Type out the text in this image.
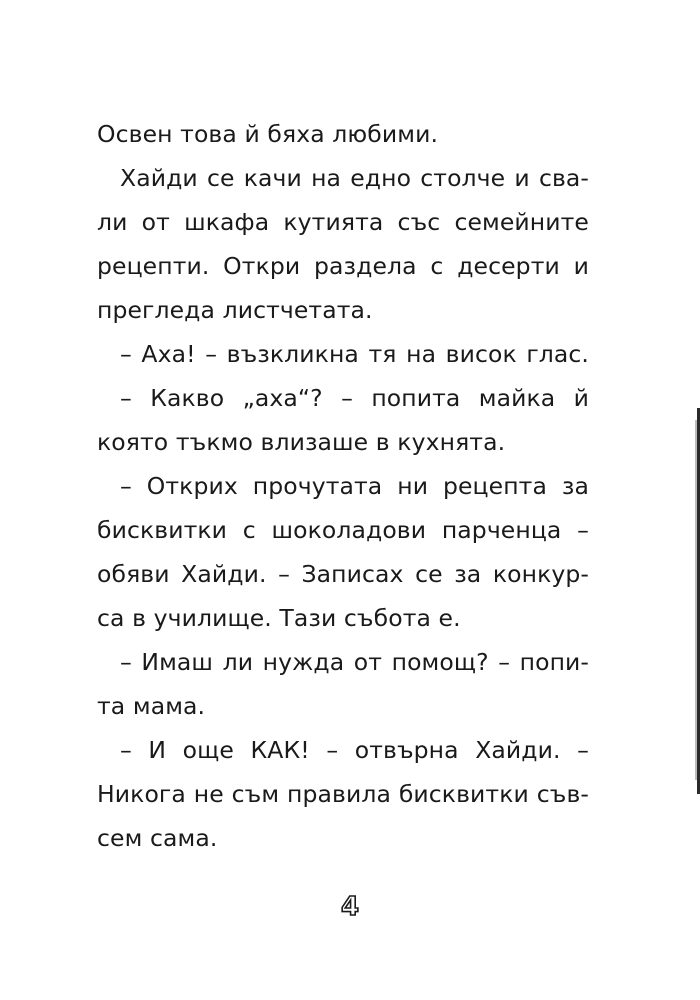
Освен това й бяха любими.
Хайди се качи на едно столче и сва-
ли от шкафа кутията със семейните
рецепти. Откри раздела с десерти и
прегледа листчетата.
– Аха! – възкликна тя на висок глас.
– Какво „аха“? – попита майка й
която тъкмо влизаше в кухнята.
– Открих прочутата ни рецепта за
бисквитки с шоколадови парченца –
обяви Хайди. – Записах се за конкур-
са в училище. Тази събота е.
– Имаш ли нужда от помощ? – попи-
та мама.
– И още КАК! – отвърна Хайди. –
Никога не съм правила бисквитки съв-
сем сама.
4
